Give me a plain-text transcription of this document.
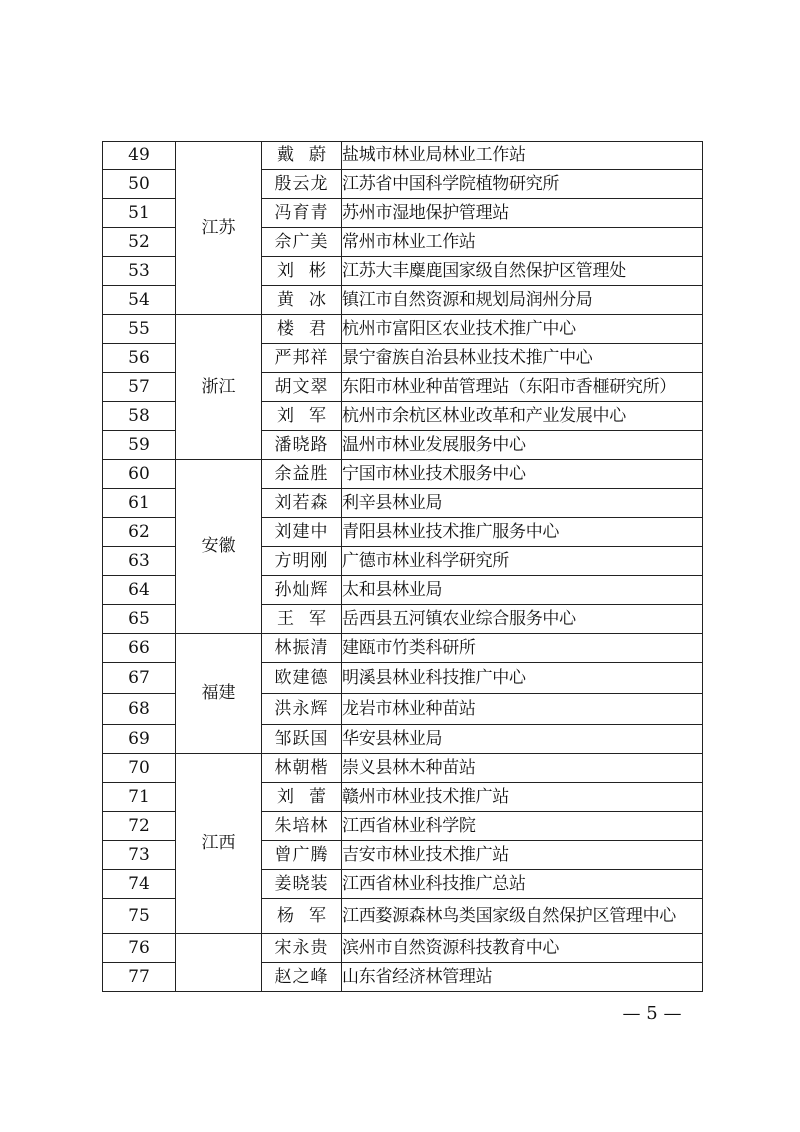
49	江苏	戴蔚	盐城市林业局林业工作站
50		殷云龙	江苏省中国科学院植物研究所
51		冯育青	苏州市湿地保护管理站
52		佘广美	常州市林业工作站
53		刘彬	江苏大丰麋鹿国家级自然保护区管理处
54		黄冰	镇江市自然资源和规划局润州分局
55	浙江	楼君	杭州市富阳区农业技术推广中心
56		严邦祥	景宁畲族自治县林业技术推广中心
57		胡文翠	东阳市林业种苗管理站（东阳市香榧研究所）
58		刘军	杭州市余杭区林业改革和产业发展中心
59		潘晓路	温州市林业发展服务中心
60	安徽	余益胜	宁国市林业技术服务中心
61		刘若森	利辛县林业局
62		刘建中	青阳县林业技术推广服务中心
63		方明刚	广德市林业科学研究所
64		孙灿辉	太和县林业局
65		王军	岳西县五河镇农业综合服务中心
66	福建	林振清	建瓯市竹类科研所
67		欧建德	明溪县林业科技推广中心
68		洪永辉	龙岩市林业种苗站
69		邹跃国	华安县林业局
70	江西	林朝楷	崇义县林木种苗站
71		刘蕾	赣州市林业技术推广站
72		朱培林	江西省林业科学院
73		曾广腾	吉安市林业技术推广站
74		姜晓装	江西省林业科技推广总站
75		杨军	江西婺源森林鸟类国家级自然保护区管理中心
76		宋永贵	滨州市自然资源科技教育中心
77		赵之峰	山东省经济林管理站
— 5 —
